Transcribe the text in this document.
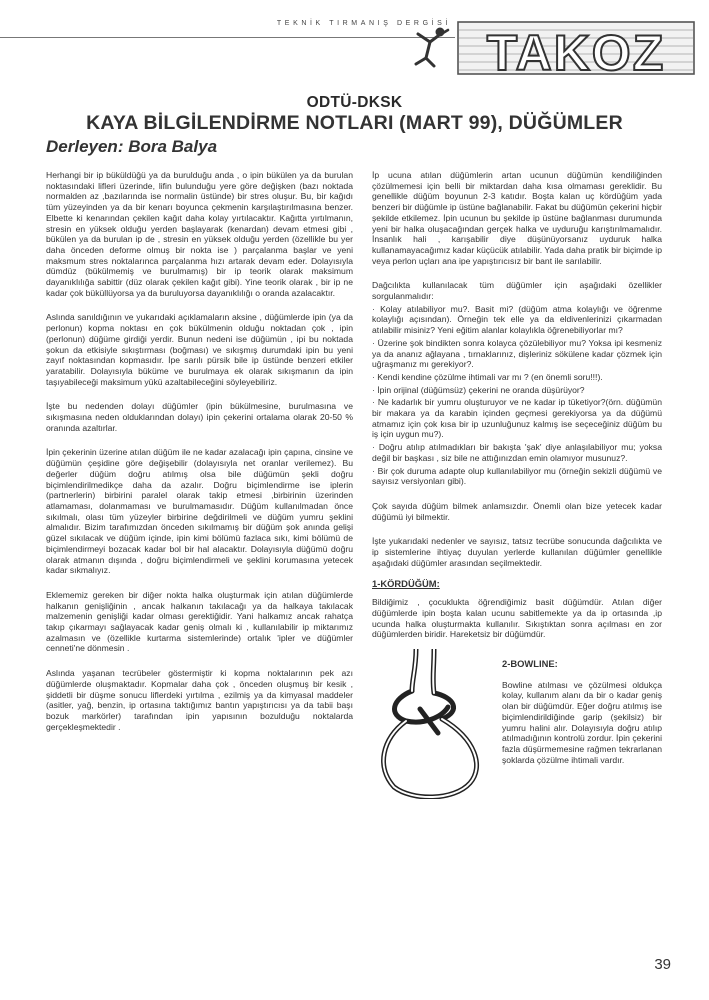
TEKNİK TIRMANIŞ DERGİSİ
TAKOZ
ODTÜ-DKSK
KAYA BİLGİLENDİRME NOTLARI (MART 99), DÜĞÜMLER
Derleyen: Bora Balya

Herhangi bir ip büküldüğü ya da burulduğu anda , o ipin bükülen ya da burulan noktasındaki lifleri üzerinde, lifin bulunduğu yere göre değişken (bazı noktada normalden az ,bazılarında ise normalin üstünde) bir stres oluşur. Bu, bir kağıdı tüm yüzeyinden ya da bir kenarı boyunca çekmenin karşılaştırılmasına benzer. Elbette ki kenarından çekilen kağıt daha kolay yırtılacaktır. Kağıtta yırtılmanın, stresin en yüksek olduğu yerden başlayarak (kenardan) devam etmesi gibi , bükülen ya da burulan ip de , stresin en yüksek olduğu yerden (özellikle bu yer daha önceden deforme olmuş bir nokta ise ) parçalanma başlar ve yeni maksmum stres noktalarınca parçalanma hızı artarak devam eder. Dolayısıyla dümdüz (bükülmemiş ve burulmamış) bir ip teorik olarak maksimum dayanıklılığa sabittir (düz olarak çekilen kağıt gibi). Yine teorik olarak , bir ip ne kadar çok büküllüyorsa ya da buruluyorsa dayanıklılığı o oranda azalacaktır.

Aslında sanıldığının ve yukarıdaki açıklamaların aksine , düğümlerde ipin (ya da perlonun) kopma noktası en çok bükülmenin olduğu noktadan çok , ipin (perlonun) düğüme girdiği yerdir. Bunun nedeni ise düğümün , ipi bu noktada şokun da etkisiyle sıkıştırması (boğması) ve sıkışmış durumdaki ipin bu yeni zayıf noktasından kopmasıdır. İpe sarılı pürsik bile ip üstünde benzeri etkiler yaratabilir. Dolayısıyla büküme ve burulmaya ek olarak sıkışmanın da ipin taşıyabileceği maksimum yükü azaltabileceğini söyleyebiliriz.

İşte bu nedenden dolayı düğümler (ipin bükülmesine, burulmasına ve sıkışmasına neden olduklarından dolayı) ipin çekerini ortalama olarak 20-50 % oranında azaltırlar.

İpin çekerinin üzerine atılan düğüm ile ne kadar azalacağı ipin çapına, cinsine ve düğümün çeşidine göre değişebilir (dolayısıyla net oranlar verilemez). Bu değerler düğüm doğru atılmış olsa bile düğümün şekli doğru biçimlendirilmedikçe daha da azalır. Doğru biçimlendirme ise iplerin (partnerlerin) birbirini paralel olarak takip etmesi ,birbirinin üzerinden atlamaması, dolanmaması ve burulmamasıdır. Düğüm kullanılmadan önce sıkılmalı, olası tüm yüzeyler birbirine değdirilmeli ve düğüm yumru şeklini almalıdır. Bizim tarafımızdan önceden sıkılmamış bir düğüm şok anında gelişi güzel sıkılacak ve düğüm içinde, ipin kimi bölümü fazlaca sıkı, kimi bölümü de biçimlendirmeyi bozacak kadar bol bir hal alacaktır. Dolayısıyla düğümü doğru olarak atmanın dışında , doğru biçimlendirmeli ve şeklini korumasına yetecek kadar sıkmalıyız.

Eklememiz gereken bir diğer nokta halka oluşturmak için atılan düğümlerde halkanın genişliğinin , ancak halkanın takılacağı ya da halkaya takılacak malzemenin genişliği kadar olması gerektiğidir. Yani halkamız ancak rahatça takıp çıkarmayı sağlayacak kadar geniş olmalı ki , kullanılabilir ip miktarımız azalmasın ve (özellikle kurtarma sistemlerinde) ortalık 'ipler ve düğümler cenneti'ne dönmesin .

Aslında yaşanan tecrübeler göstermiştir ki kopma noktalarının pek azı düğümlerde oluşmaktadır. Kopmalar daha çok , önceden oluşmuş bir kesik , şiddetli bir düşme sonucu liflerdeki yırtılma , ezilmiş ya da kimyasal maddeler (asitler, yağ, benzin, ip ortasına taktığımız bantın yapıştırıcısı ya da tabii başı bozuk markörler) tarafından ipin yapısının bozulduğu noktalarda gerçekleşmektedir .

İp ucuna atılan düğümlerin artan ucunun düğümün kendiliğinden çözülmemesi için belli bir miktardan daha kısa olmaması gereklidir. Bu genellikle düğüm boyunun 2-3 katıdır. Boşta kalan uç kördüğüm yada benzeri bir düğümle ip üstüne bağlanabilir. Fakat bu düğümün çekerini hiçbir şekilde etkilemez. İpin ucunun bu şekilde ip üstüne bağlanması durumunda yeni bir halka oluşacağından gerçek halka ve uyduruğu karıştırılmamalıdır. İnsanlık hali , karışabilir diye düşünüyorsanız uyduruk halka kullanamayacağımız kadar küçücük atılabilir. Yada daha pratik bir biçimde ip veya perlon uçları ana ipe yapıştırıcısız bir bant ile sarılabilir.

Dağcılıkta kullanılacak tüm düğümler için aşağıdaki özellikler sorgulanmalıdır:

· Kolay atılabiliyor mu?. Basit mi? (düğüm atma kolaylığı ve öğrenme kolaylığı açısından). Örneğin tek elle ya da eldivenlerinizi çıkarmadan atılabilir misiniz? Yeni eğitim alanlar kolaylıkla öğrenebiliyorlar mı?

· Üzerine şok bindikten sonra kolayca çözülebiliyor mu? Yoksa ipi kesmeniz ya da ananız ağlayana , tırnaklarınız, dişleriniz sökülene kadar çözmek için uğraşmanız mı gerekiyor?.

· Kendi kendine çözülme ihtimali var mı ? (en önemli soru!!!).

· İpin orijinal (düğümsüz) çekerini ne oranda düşürüyor?

· Ne kadarlık bir yumru oluşturuyor ve ne kadar ip tüketiyor?(örn. düğümün bir makara ya da karabin içinden geçmesi gerekiyorsa ya da düğümü atmamız için çok kısa bir ip uzunluğunuz kalmış ise seçeceğiniz düğüm bu iş için uygun mu?).

· Doğru atılıp atılmadıkları bir bakışta 'şak' diye anlaşılabiliyor mu; yoksa değil bir başkası , siz bile ne attığınızdan emin olamıyor musunuz?.

· Bir çok duruma adapte olup kullanılabiliyor mu (örneğin sekizli düğümü ve sayısız versiyonları gibi).

Çok sayıda düğüm bilmek anlamsızdır. Önemli olan bize yetecek kadar düğümü iyi bilmektir.

İşte yukarıdaki nedenler ve sayısız, tatsız tecrübe sonucunda dağcılıkta ve ip sistemlerine ihtiyaç duyulan yerlerde kullanılan düğümler genellikle aşağıdaki düğümler arasından seçilmektedir.

1-KÖRDÜĞÜM:

Bildiğimiz , çocuklukta öğrendiğimiz basit düğümdür. Atılan diğer düğümlerde ipin boşta kalan ucunu sabitlemekte ya da ip ortasında ,ip ucunda halka oluşturmakta kullanılır. Sıkıştıktan sonra açılması en zor düğümlerden biridir. Hareketsiz bir düğümdür.

2-BOWLINE:

Bowline atılması ve çözülmesi oldukça kolay, kullanım alanı da bir o kadar geniş olan bir düğümdür. Eğer doğru atılmış ise biçimlendirildiğinde garip (şekilsiz) bir yumru halini alır. Dolayısıyla doğru atılıp atılmadığının kontrolü zordur. İpin çekerini fazla düşürmemesine rağmen tekrarlanan şoklarda çözülme ihtimali vardır.

39
